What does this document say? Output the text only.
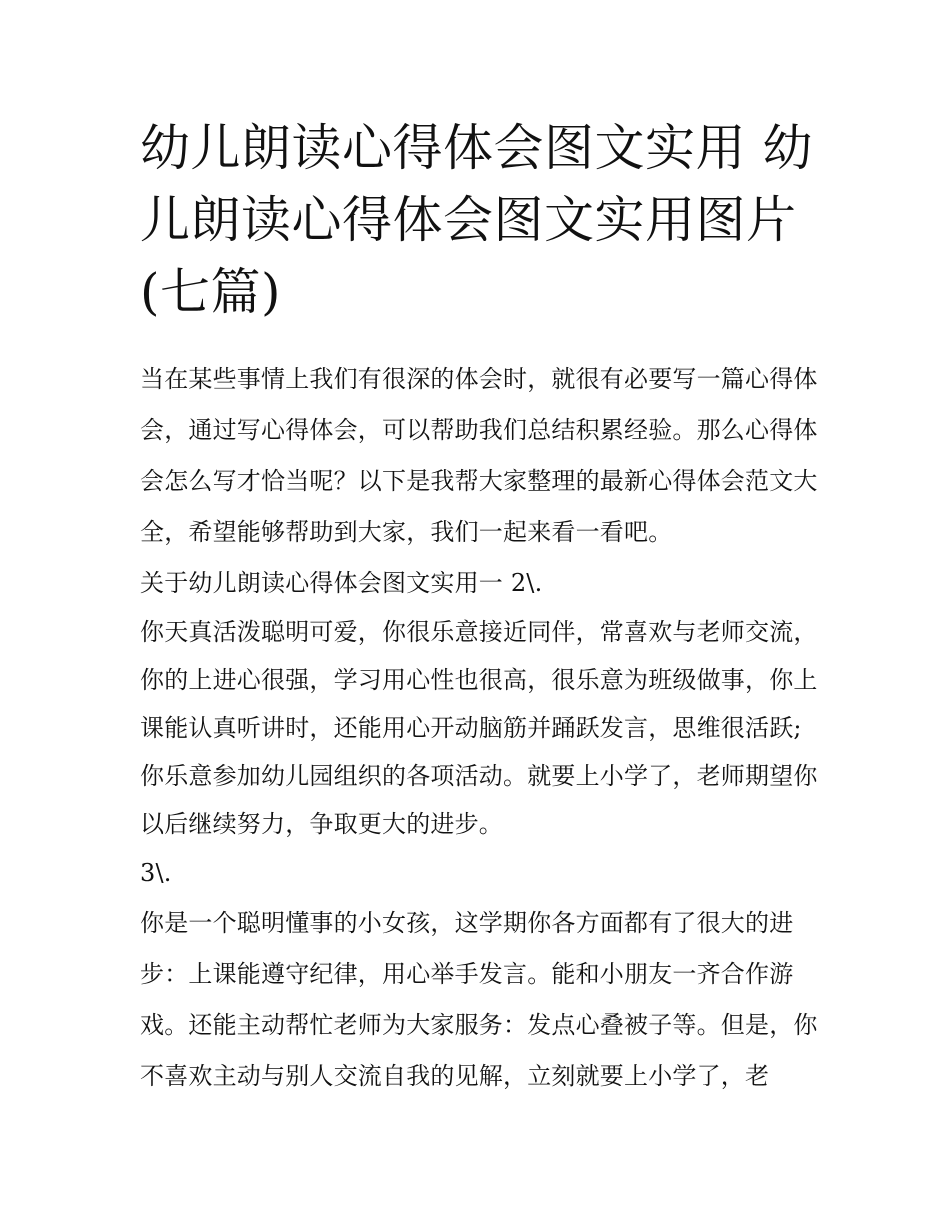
幼儿朗读心得体会图文实用 幼儿朗读心得体会图文实用图片(七篇)

当在某些事情上我们有很深的体会时，就很有必要写一篇心得体会，通过写心得体会，可以帮助我们总结积累经验。那么心得体会怎么写才恰当呢？以下是我帮大家整理的最新心得体会范文大全，希望能够帮助到大家，我们一起来看一看吧。

关于幼儿朗读心得体会图文实用一 2\.

你天真活泼聪明可爱，你很乐意接近同伴，常喜欢与老师交流，你的上进心很强，学习用心性也很高，很乐意为班级做事，你上课能认真听讲时，还能用心开动脑筋并踊跃发言，思维很活跃;你乐意参加幼儿园组织的各项活动。就要上小学了，老师期望你以后继续努力，争取更大的进步。

3\.

你是一个聪明懂事的小女孩，这学期你各方面都有了很大的进步：上课能遵守纪律，用心举手发言。能和小朋友一齐合作游戏。还能主动帮忙老师为大家服务：发点心叠被子等。但是，你不喜欢主动与别人交流自我的见解，立刻就要上小学了，老
